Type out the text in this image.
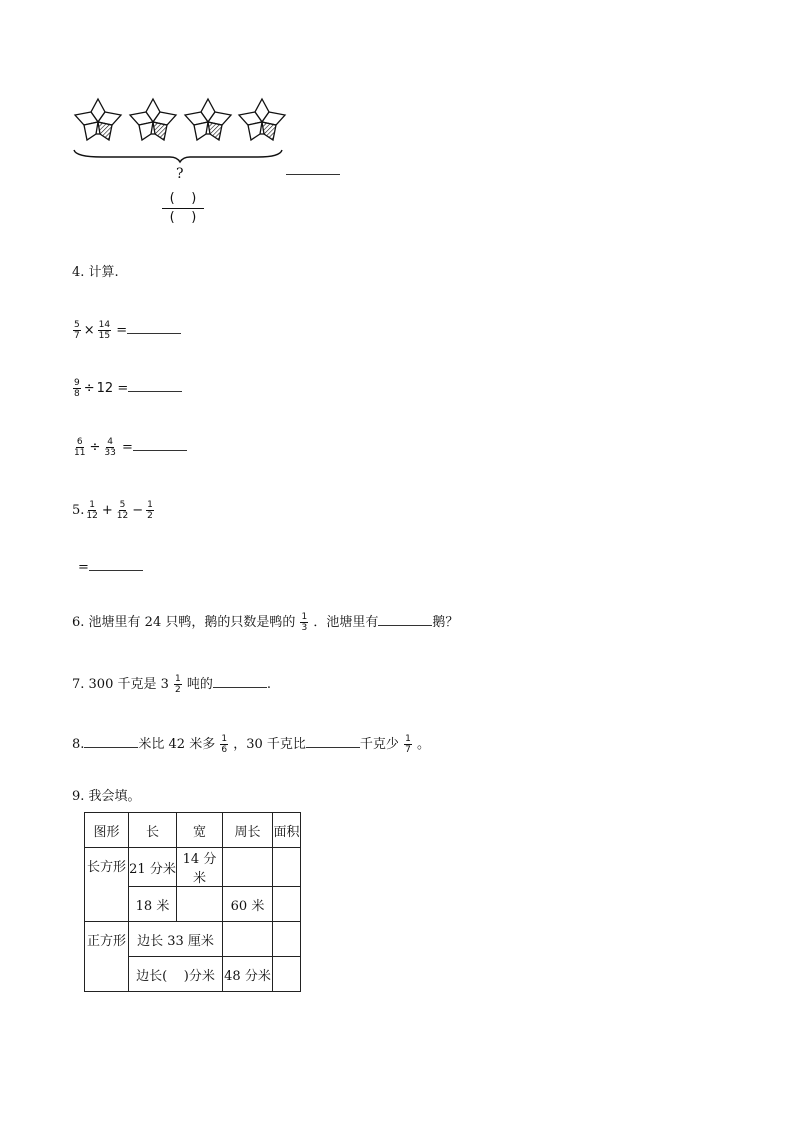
?
(    )
(    )
4. 计算.
$\frac{5}{7} \times \frac{14}{15}$ =
$\frac{9}{8} \div 12$ =
$\frac{6}{11} \div \frac{4}{33}$ =
5. $\frac{1}{12} + \frac{5}{12} - \frac{1}{2}$
=
6. 池塘里有 24 只鸭，鹅的只数是鸭的 $\frac{1}{3}$ ．池塘里有	鹅？
7. 300 千克是 $3 \frac{1}{2}$ 吨的	.
8.	米比 42 米多 $\frac{1}{6}$ ，30 千克比	千克少 $\frac{1}{7}$ 。
9. 我会填。
图形	长	宽	周长	面积
长方形	21 分米	14 分米		
	18 米		60 米	
正方形	边长 33 厘米			
	边长(    )分米		48 分米	
